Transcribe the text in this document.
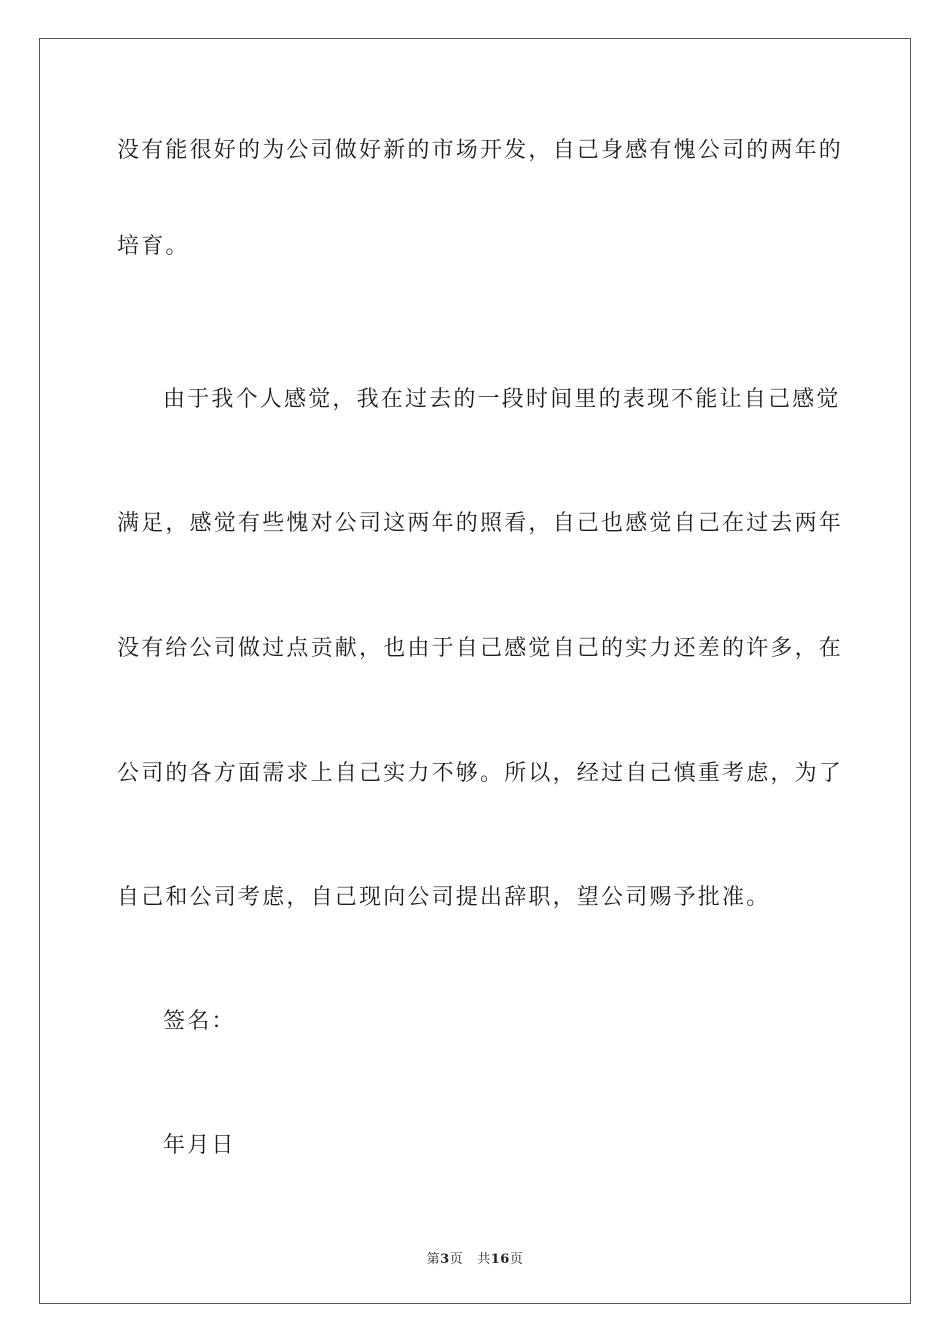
没有能很好的为公司做好新的市场开发，自己身感有愧公司的两年的
培育。
由于我个人感觉，我在过去的一段时间里的表现不能让自己感觉
满足，感觉有些愧对公司这两年的照看，自己也感觉自己在过去两年
没有给公司做过点贡献，也由于自己感觉自己的实力还差的许多，在
公司的各方面需求上自己实力不够。所以，经过自己慎重考虑，为了
自己和公司考虑，自己现向公司提出辞职，望公司赐予批准。
签名：
年月日
第3页 共16页
